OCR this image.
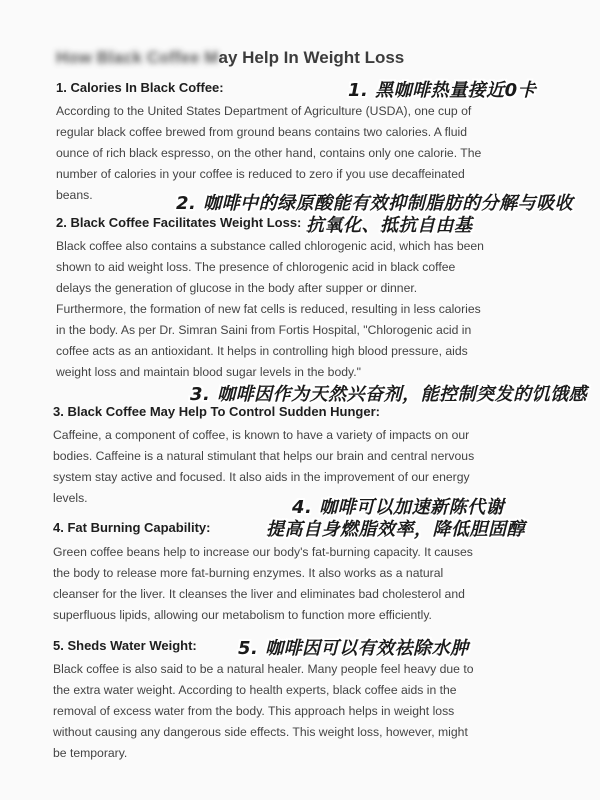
How Black Coffee May Help In Weight Loss
1. Calories In Black Coffee:
According to the United States Department of Agriculture (USDA), one cup of
regular black coffee brewed from ground beans contains two calories. A fluid
ounce of rich black espresso, on the other hand, contains only one calorie. The
number of calories in your coffee is reduced to zero if you use decaffeinated
beans.
2. Black Coffee Facilitates Weight Loss:
Black coffee also contains a substance called chlorogenic acid, which has been
shown to aid weight loss. The presence of chlorogenic acid in black coffee
delays the generation of glucose in the body after supper or dinner.
Furthermore, the formation of new fat cells is reduced, resulting in less calories
in the body. As per Dr. Simran Saini from Fortis Hospital, "Chlorogenic acid in
coffee acts as an antioxidant. It helps in controlling high blood pressure, aids
weight loss and maintain blood sugar levels in the body."
3. Black Coffee May Help To Control Sudden Hunger:
Caffeine, a component of coffee, is known to have a variety of impacts on our
bodies. Caffeine is a natural stimulant that helps our brain and central nervous
system stay active and focused. It also aids in the improvement of our energy
levels.
4. Fat Burning Capability:
Green coffee beans help to increase our body's fat-burning capacity. It causes
the body to release more fat-burning enzymes. It also works as a natural
cleanser for the liver. It cleanses the liver and eliminates bad cholesterol and
superfluous lipids, allowing our metabolism to function more efficiently.
5. Sheds Water Weight:
Black coffee is also said to be a natural healer. Many people feel heavy due to
the extra water weight. According to health experts, black coffee aids in the
removal of excess water from the body. This approach helps in weight loss
without causing any dangerous side effects. This weight loss, however, might
be temporary.
1. 黑咖啡热量接近0卡
2. 咖啡中的绿原酸能有效抑制脂肪的分解与吸收
抗氧化、抵抗自由基
3. 咖啡因作为天然兴奋剂，能控制突发的饥饿感
4. 咖啡可以加速新陈代谢
提高自身燃脂效率，降低胆固醇
5. 咖啡因可以有效祛除水肿
